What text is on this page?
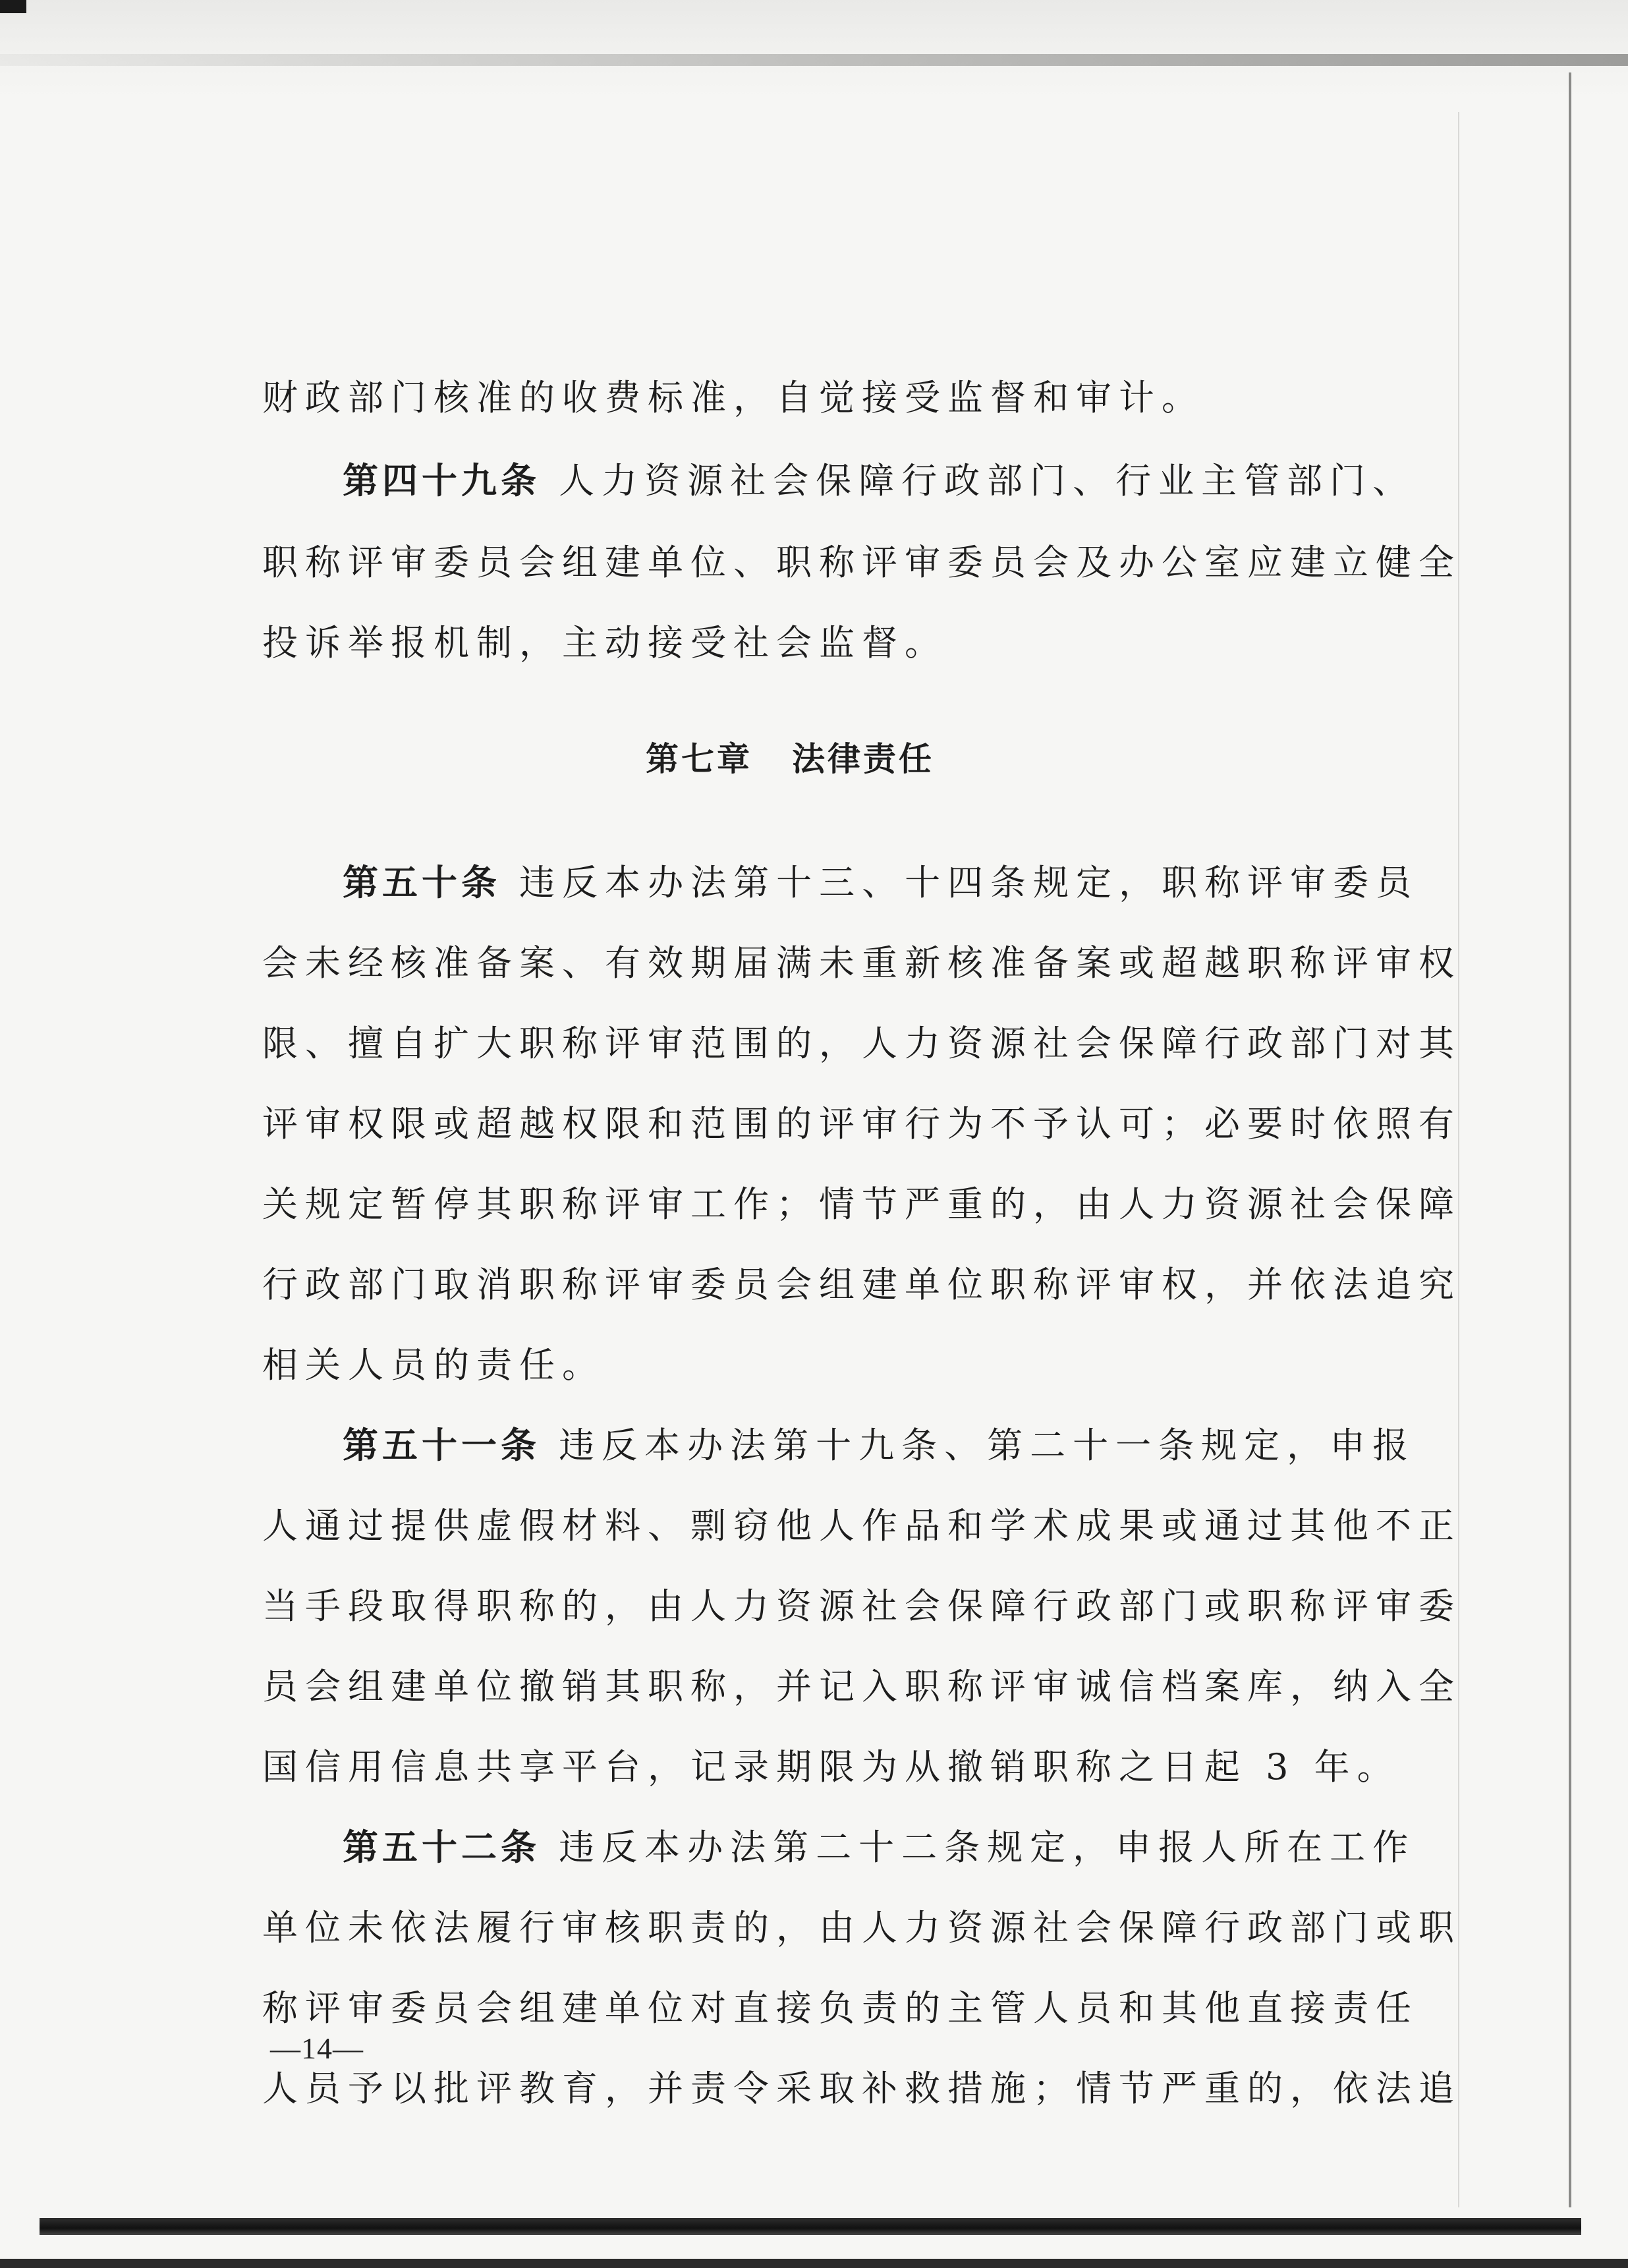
财政部门核准的收费标准，自觉接受监督和审计。
第四十九条 人力资源社会保障行政部门、行业主管部门、
职称评审委员会组建单位、职称评审委员会及办公室应建立健全
投诉举报机制，主动接受社会监督。
第七章 法律责任
第五十条 违反本办法第十三、十四条规定，职称评审委员
会未经核准备案、有效期届满未重新核准备案或超越职称评审权
限、擅自扩大职称评审范围的，人力资源社会保障行政部门对其
评审权限或超越权限和范围的评审行为不予认可；必要时依照有
关规定暂停其职称评审工作；情节严重的，由人力资源社会保障
行政部门取消职称评审委员会组建单位职称评审权，并依法追究
相关人员的责任。
第五十一条 违反本办法第十九条、第二十一条规定，申报
人通过提供虚假材料、剽窃他人作品和学术成果或通过其他不正
当手段取得职称的，由人力资源社会保障行政部门或职称评审委
员会组建单位撤销其职称，并记入职称评审诚信档案库，纳入全
国信用信息共享平台，记录期限为从撤销职称之日起 3 年。
第五十二条 违反本办法第二十二条规定，申报人所在工作
单位未依法履行审核职责的，由人力资源社会保障行政部门或职
称评审委员会组建单位对直接负责的主管人员和其他直接责任
人员予以批评教育，并责令采取补救措施；情节严重的，依法追
—14—
